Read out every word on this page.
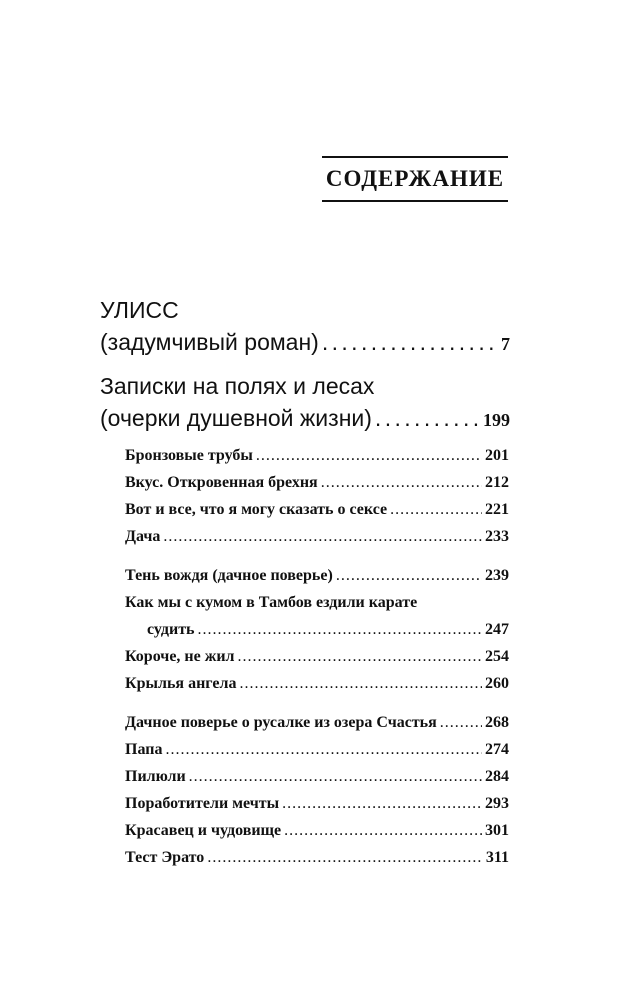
СОДЕРЖАНИЕ
УЛИСС
(задумчивый роман) . . .	7
Записки на полях и лесах
(очерки душевной жизни) . . .	199
Бронзовые трубы . . .	201
Вкус. Откровенная брехня . . .	212
Вот и все, что я могу сказать о сексе . . .	221
Дача . . .	233
Тень вождя (дачное поверье) . . .	239
Как мы с кумом в Тамбов ездили карате
судить . . .	247
Короче, не жил . . .	254
Крылья ангела . . .	260
Дачное поверье о русалке из озера Счастья . . .	268
Папа . . .	274
Пилюли . . .	284
Поработители мечты . . .	293
Красавец и чудовище . . .	301
Тест Эрато . . .	311
